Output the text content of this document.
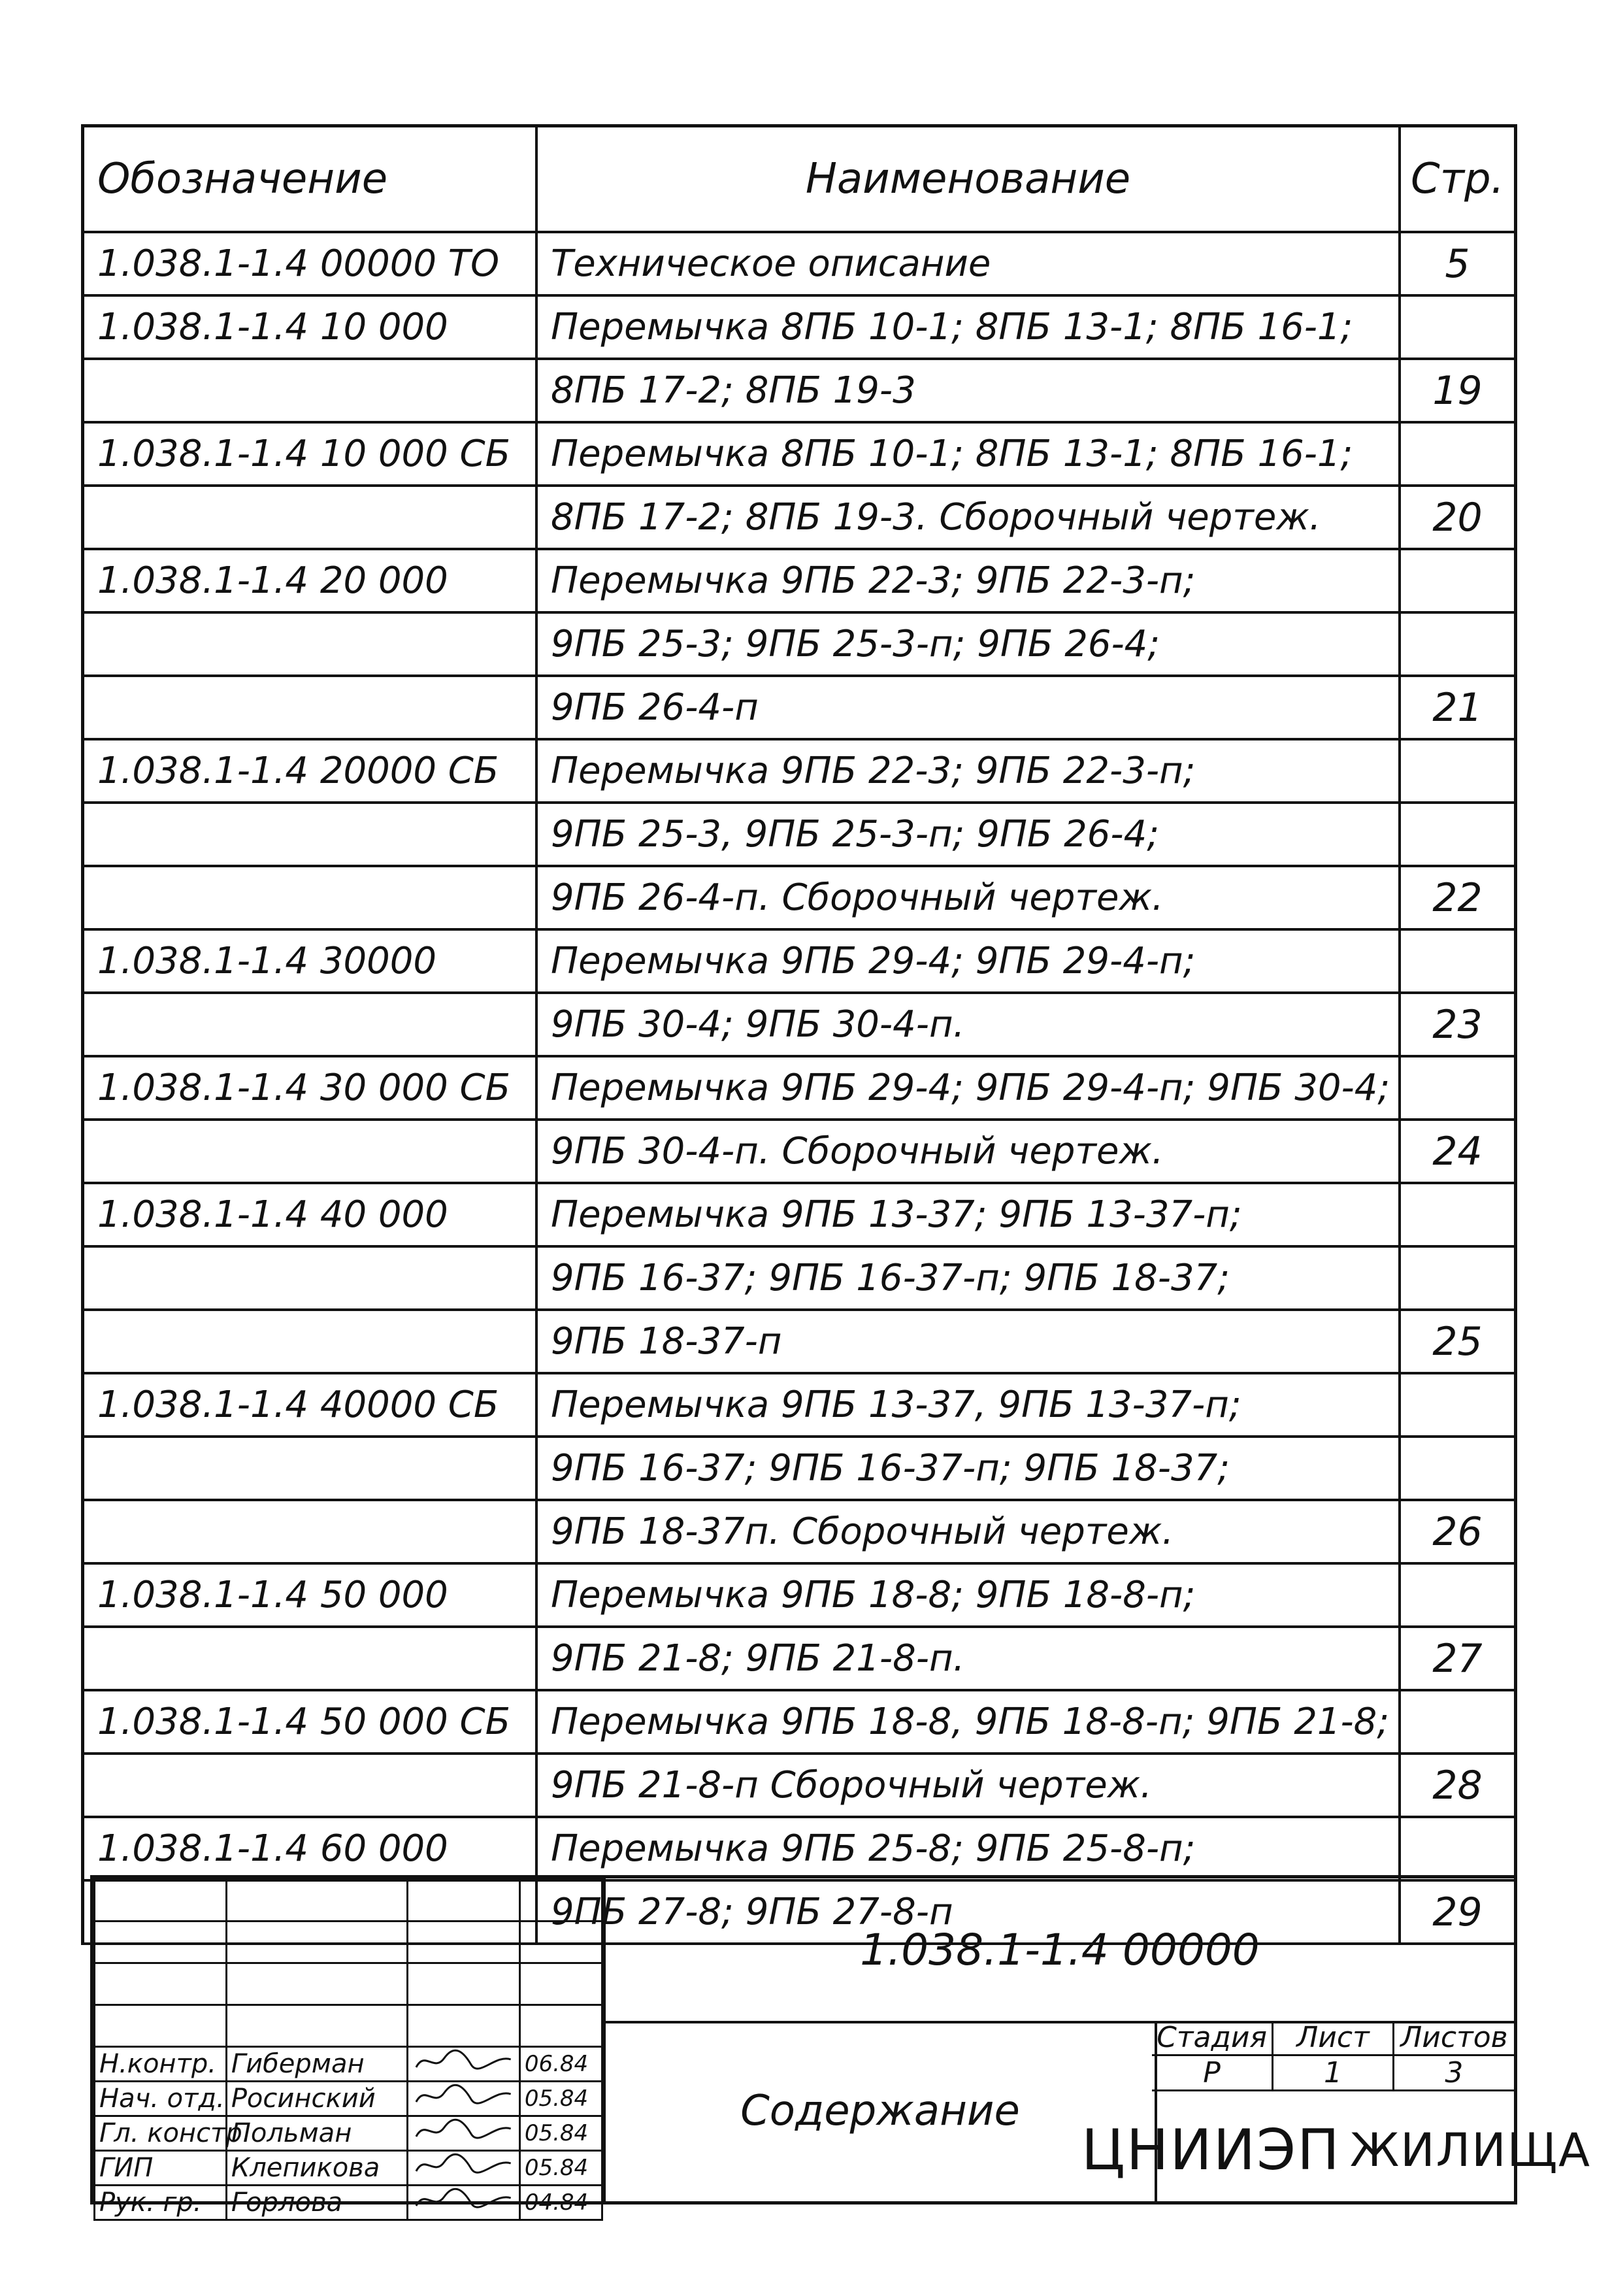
Обозначение	Наименование	Стр.
1.038.1-1.4 00000 ТО	Техническое описание	5
1.038.1-1.4 10 000	Перемычка 8ПБ 10-1; 8ПБ 13-1; 8ПБ 16-1;	
	8ПБ 17-2; 8ПБ 19-3	19
1.038.1-1.4 10 000 СБ	Перемычка 8ПБ 10-1; 8ПБ 13-1; 8ПБ 16-1;	
	8ПБ 17-2; 8ПБ 19-3. Сборочный чертеж.	20
1.038.1-1.4 20 000	Перемычка 9ПБ 22-3; 9ПБ 22-3-п;	
	9ПБ 25-3; 9ПБ 25-3-п; 9ПБ 26-4;	
	9ПБ 26-4-п	21
1.038.1-1.4 20000 СБ	Перемычка 9ПБ 22-3; 9ПБ 22-3-п;	
	9ПБ 25-3, 9ПБ 25-3-п; 9ПБ 26-4;	
	9ПБ 26-4-п. Сборочный чертеж.	22
1.038.1-1.4 30000	Перемычка 9ПБ 29-4; 9ПБ 29-4-п;	
	9ПБ 30-4; 9ПБ 30-4-п.	23
1.038.1-1.4 30 000 СБ	Перемычка 9ПБ 29-4; 9ПБ 29-4-п; 9ПБ 30-4;	
	9ПБ 30-4-п. Сборочный чертеж.	24
1.038.1-1.4 40 000	Перемычка 9ПБ 13-37; 9ПБ 13-37-п;	
	9ПБ 16-37; 9ПБ 16-37-п; 9ПБ 18-37;	
	9ПБ 18-37-п	25
1.038.1-1.4 40000 СБ	Перемычка 9ПБ 13-37, 9ПБ 13-37-п;	
	9ПБ 16-37; 9ПБ 16-37-п; 9ПБ 18-37;	
	9ПБ 18-37п. Сборочный чертеж.	26
1.038.1-1.4 50 000	Перемычка 9ПБ 18-8; 9ПБ 18-8-п;	
	9ПБ 21-8; 9ПБ 21-8-п.	27
1.038.1-1.4 50 000 СБ	Перемычка 9ПБ 18-8, 9ПБ 18-8-п; 9ПБ 21-8;	
	9ПБ 21-8-п Сборочный чертеж.	28
1.038.1-1.4 60 000	Перемычка 9ПБ 25-8; 9ПБ 25-8-п;	
	9ПБ 27-8; 9ПБ 27-8-п	29

Н.контр.	Гиберман		06.84
Нач. отд.	Росинский		05.84
Гл. констр.	Польман		05.84
ГИП	Клепикова		05.84
Рук. гр.	Горлова		04.84
1.038.1-1.4 00000
Содержание
Стадия	Лист	Листов
Р	1	3
ЦНИИЭП ЖИЛИЩА
